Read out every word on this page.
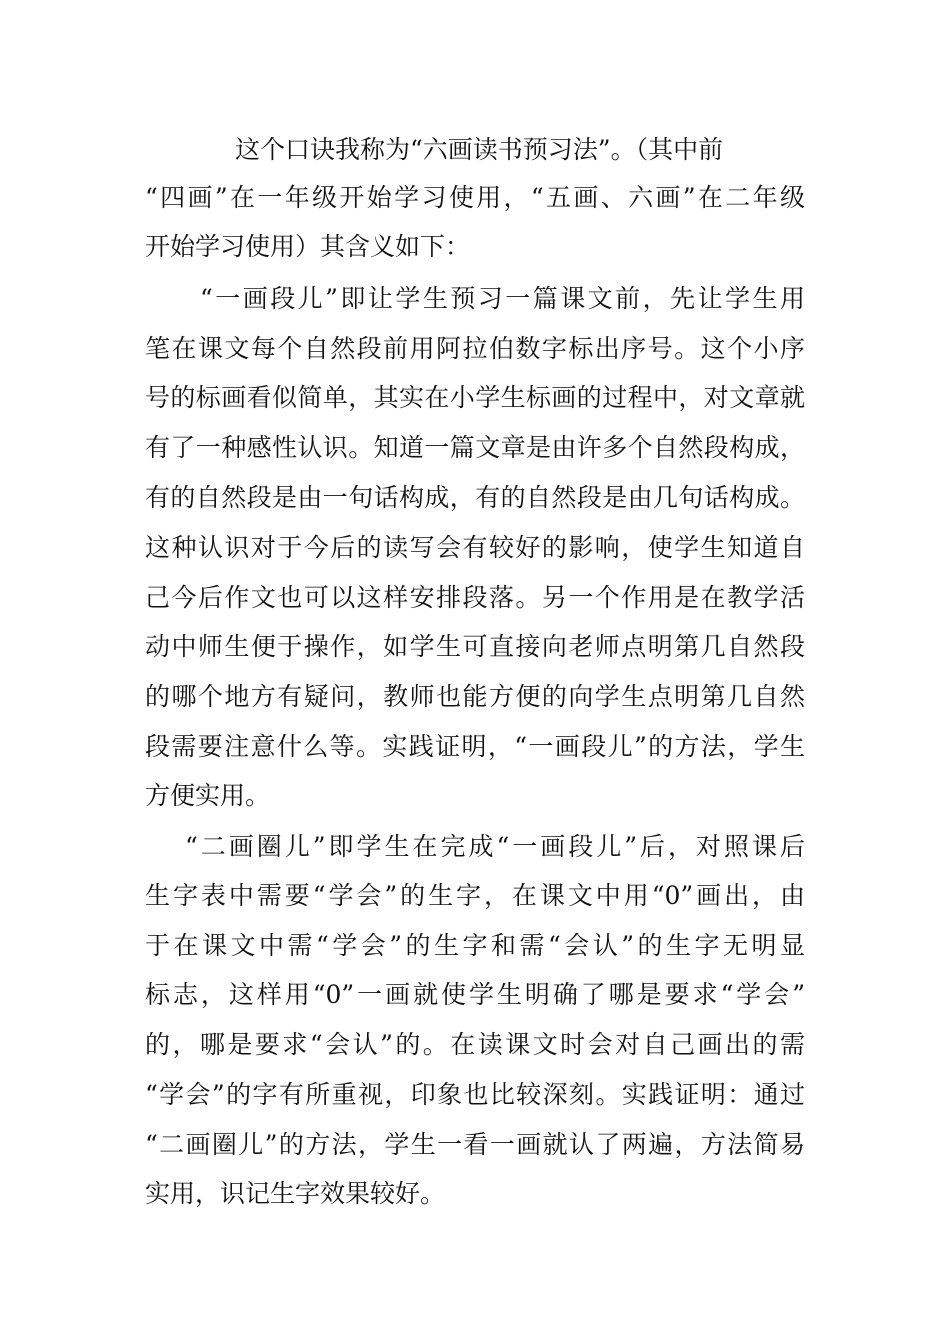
这个口诀我称为“六画读书预习法”。（其中前

“四画”在一年级开始学习使用，“五画、六画”在二年级

开始学习使用）其含义如下：

“一画段儿”即让学生预习一篇课文前，先让学生用

笔在课文每个自然段前用阿拉伯数字标出序号。这个小序

号的标画看似简单，其实在小学生标画的过程中，对文章就

有了一种感性认识。知道一篇文章是由许多个自然段构成，

有的自然段是由一句话构成，有的自然段是由几句话构成。

这种认识对于今后的读写会有较好的影响，使学生知道自

己今后作文也可以这样安排段落。另一个作用是在教学活

动中师生便于操作，如学生可直接向老师点明第几自然段

的哪个地方有疑问，教师也能方便的向学生点明第几自然

段需要注意什么等。实践证明，“一画段儿”的方法，学生

方便实用。

“二画圈儿”即学生在完成“一画段儿”后，对照课后

生字表中需要“学会”的生字，在课文中用“0”画出，由

于在课文中需“学会”的生字和需“会认”的生字无明显

标志，这样用“0”一画就使学生明确了哪是要求“学会”

的，哪是要求“会认”的。在读课文时会对自己画出的需

“学会”的字有所重视，印象也比较深刻。实践证明：通过

“二画圈儿”的方法，学生一看一画就认了两遍，方法简易

实用，识记生字效果较好。
